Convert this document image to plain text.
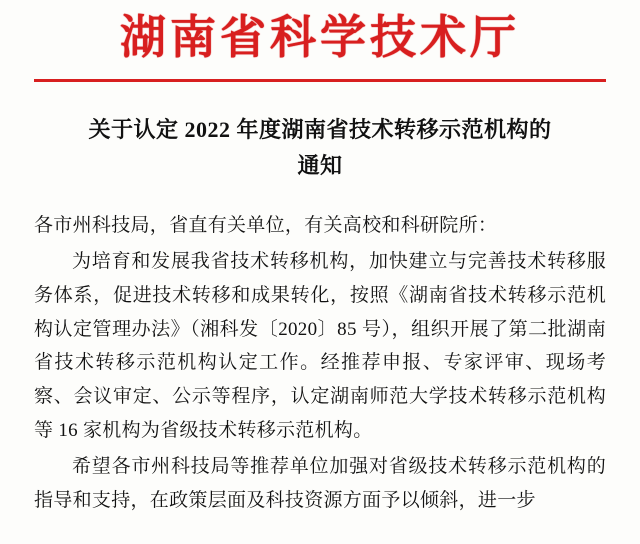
湖南省科学技术厅
关于认定 2022 年度湖南省技术转移示范机构的
通知

各市州科技局，省直有关单位，有关高校和科研院所：

为培育和发展我省技术转移机构，加快建立与完善技术转移服务体系，促进技术转移和成果转化，按照《湖南省技术转移示范机构认定管理办法》（湘科发〔2020〕85 号），组织开展了第二批湖南省技术转移示范机构认定工作。经推荐申报、专家评审、现场考察、会议审定、公示等程序，认定湖南师范大学技术转移示范机构等 16 家机构为省级技术转移示范机构。

希望各市州科技局等推荐单位加强对省级技术转移示范机构的指导和支持，在政策层面及科技资源方面予以倾斜，进一步
